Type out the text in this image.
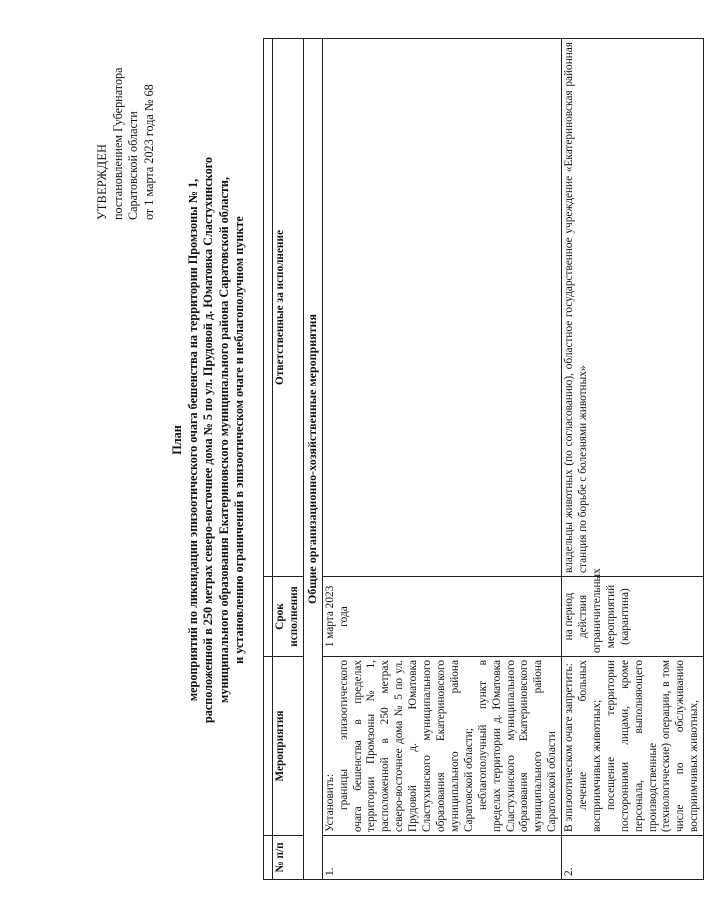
УТВЕРЖДЕН постановлением Губернатора Саратовской области от 1 марта 2023 года № 68
План мероприятий по ликвидации эпизоотического очага бешенства на территории Промзоны № 1, расположенной в 250 метрах северо-восточнее дома № 5 по ул. Прудовой д. Юматовка Сластухинского муниципального образования Екатериновского муниципального района Саратовской области, и установлению ограничений в эпизоотическом очаге и неблагополучном пункте

№ п/п	Мероприятия	Срок исполнения	Ответственные за исполнение
Общие организационно-хозяйственные мероприятия			
1.	Установить: границы эпизоотического очага бешенства в пределах территории Промзоны № 1, расположенной в 250 метрах северо-восточнее дома № 5 по ул. Прудовой д. Юматовка Сластухинского муниципального образования Екатериновского муниципального района Саратовской области; неблагополучный пункт в пределах территории д. Юматовка Сластухинского муниципального образования Екатериновского муниципального района Саратовской области	1 марта 2023 года	
2.	В эпизоотическом очаге запретить: лечение больных восприимчивых животных; посещение территории посторонними лицами, кроме персонала, выполняющего производственные (технологические) операции, в том числе по обслуживанию восприимчивых животных,	на период действия ограничительных мероприятий (карантина)	владельцы животных (по согласованию), областное государственное учреждение «Екатериновская районная станция по борьбе с болезнями животных»
